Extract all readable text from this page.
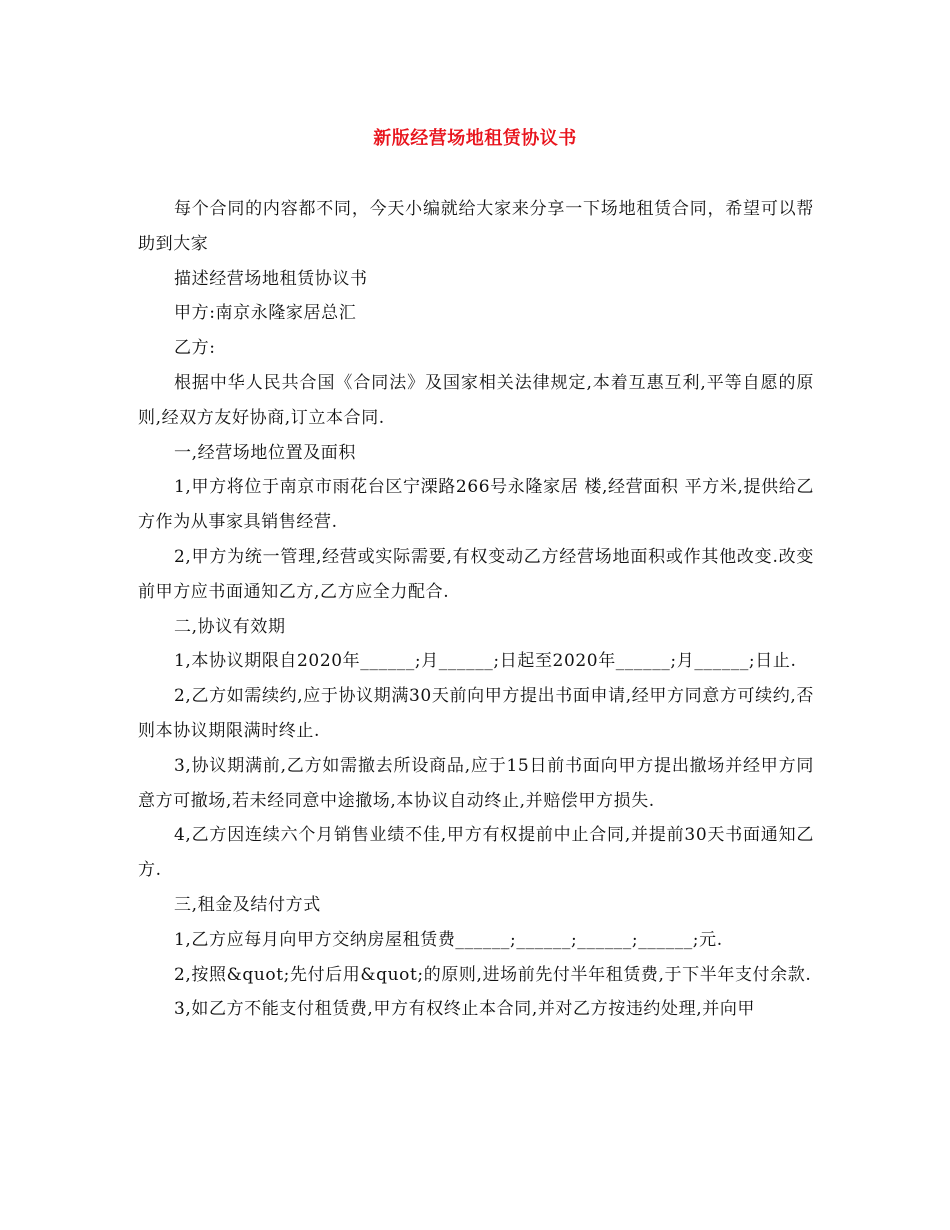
新版经营场地租赁协议书

每个合同的内容都不同，今天小编就给大家来分享一下场地租赁合同，希望可以帮助到大家

描述经营场地租赁协议书

甲方:南京永隆家居总汇

乙方:

根据中华人民共合国《合同法》及国家相关法律规定,本着互惠互利,平等自愿的原则,经双方友好协商,订立本合同.

一,经营场地位置及面积

1,甲方将位于南京市雨花台区宁溧路266号永隆家居 楼,经营面积 平方米,提供给乙方作为从事家具销售经营.

2,甲方为统一管理,经营或实际需要,有权变动乙方经营场地面积或作其他改变.改变前甲方应书面通知乙方,乙方应全力配合.

二,协议有效期

1,本协议期限自2020年______;月______;日起至2020年______;月______;日止.

2,乙方如需续约,应于协议期满30天前向甲方提出书面申请,经甲方同意方可续约,否则本协议期限满时终止.

3,协议期满前,乙方如需撤去所设商品,应于15日前书面向甲方提出撤场并经甲方同意方可撤场,若未经同意中途撤场,本协议自动终止,并赔偿甲方损失.

4,乙方因连续六个月销售业绩不佳,甲方有权提前中止合同,并提前30天书面通知乙方.

三,租金及结付方式

1,乙方应每月向甲方交纳房屋租赁费______;______;______;______;元.

2,按照&quot;先付后用&quot;的原则,进场前先付半年租赁费,于下半年支付余款.

3,如乙方不能支付租赁费,甲方有权终止本合同,并对乙方按违约处理,并向甲
